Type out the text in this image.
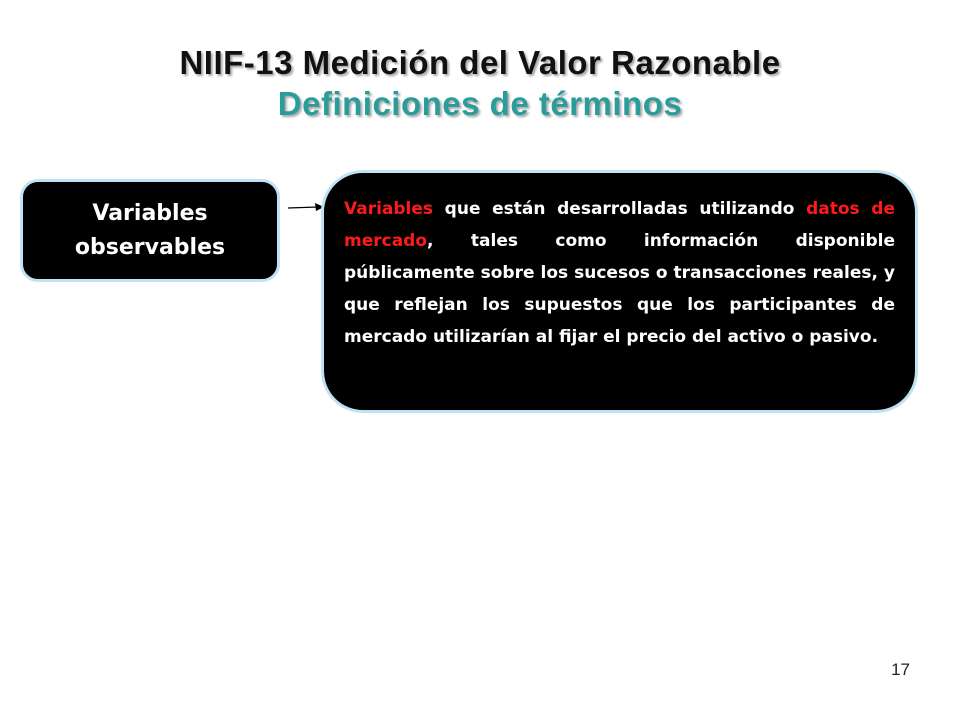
NIIF-13 Medición del Valor Razonable
Definiciones de términos
Variables observables
Variables que están desarrolladas utilizando datos de mercado, tales como información disponible públicamente sobre los sucesos o transacciones reales, y que reflejan los supuestos que los participantes de mercado utilizarían al fijar el precio del activo o pasivo.
17
